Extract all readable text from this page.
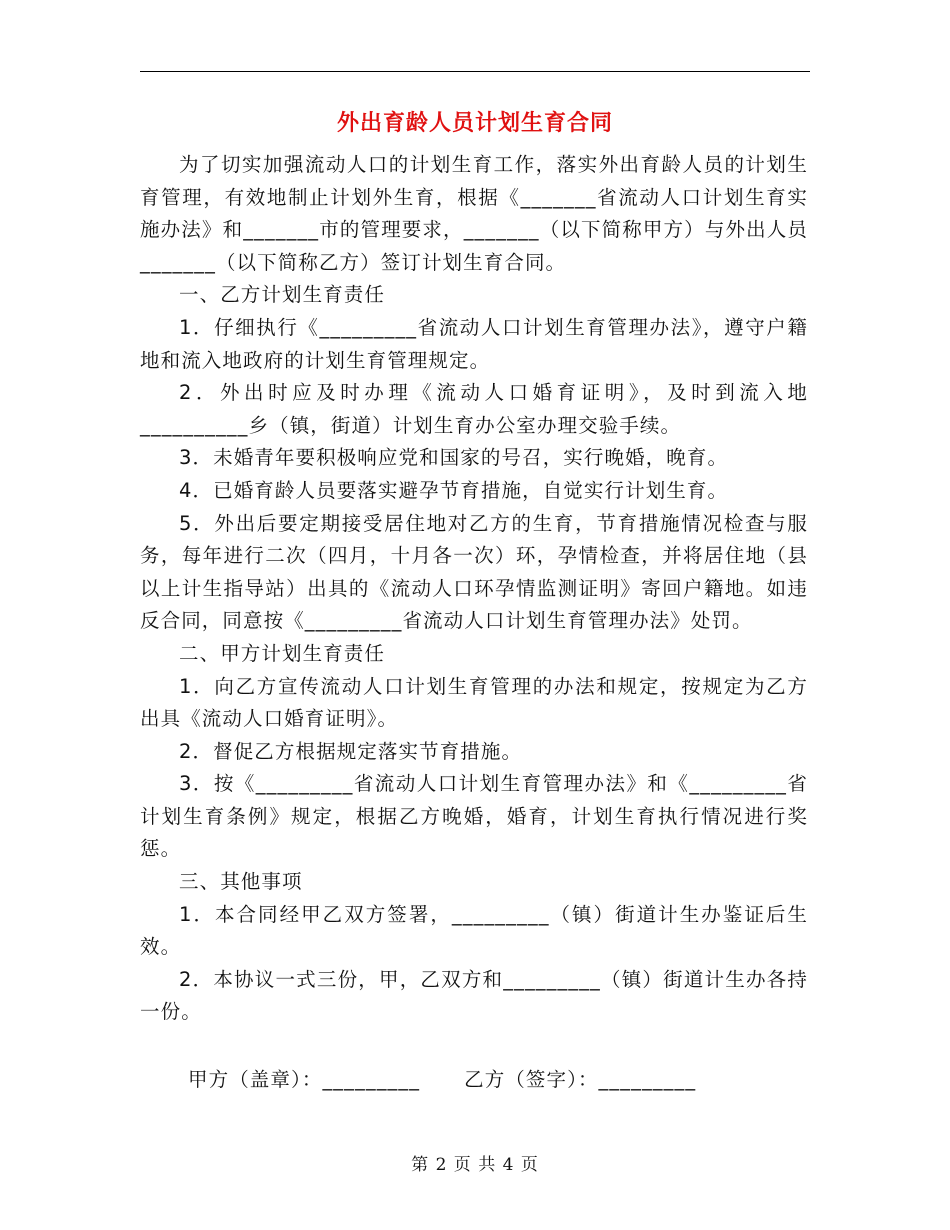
外出育龄人员计划生育合同

为了切实加强流动人口的计划生育工作，落实外出育龄人员的计划生育管理，有效地制止计划外生育，根据《_______省流动人口计划生育实施办法》和_______市的管理要求，_______（以下简称甲方）与外出人员_______（以下简称乙方）签订计划生育合同。

一、乙方计划生育责任

1．仔细执行《_________省流动人口计划生育管理办法》，遵守户籍地和流入地政府的计划生育管理规定。

2．外出时应及时办理《流动人口婚育证明》，及时到流入地__________乡（镇，街道）计划生育办公室办理交验手续。

3．未婚青年要积极响应党和国家的号召，实行晚婚，晚育。

4．已婚育龄人员要落实避孕节育措施，自觉实行计划生育。

5．外出后要定期接受居住地对乙方的生育，节育措施情况检查与服务，每年进行二次（四月，十月各一次）环，孕情检查，并将居住地（县以上计生指导站）出具的《流动人口环孕情监测证明》寄回户籍地。如违反合同，同意按《_________省流动人口计划生育管理办法》处罚。

二、甲方计划生育责任

1．向乙方宣传流动人口计划生育管理的办法和规定，按规定为乙方出具《流动人口婚育证明》。

2．督促乙方根据规定落实节育措施。

3．按《_________省流动人口计划生育管理办法》和《_________省计划生育条例》规定，根据乙方晚婚，婚育，计划生育执行情况进行奖惩。

三、其他事项

1．本合同经甲乙双方签署，_________（镇）街道计生办鉴证后生效。

2．本协议一式三份，甲，乙双方和_________（镇）街道计生办各持一份。

甲方（盖章）：_________ 乙方（签字）：_________
第 2 页 共 4 页
